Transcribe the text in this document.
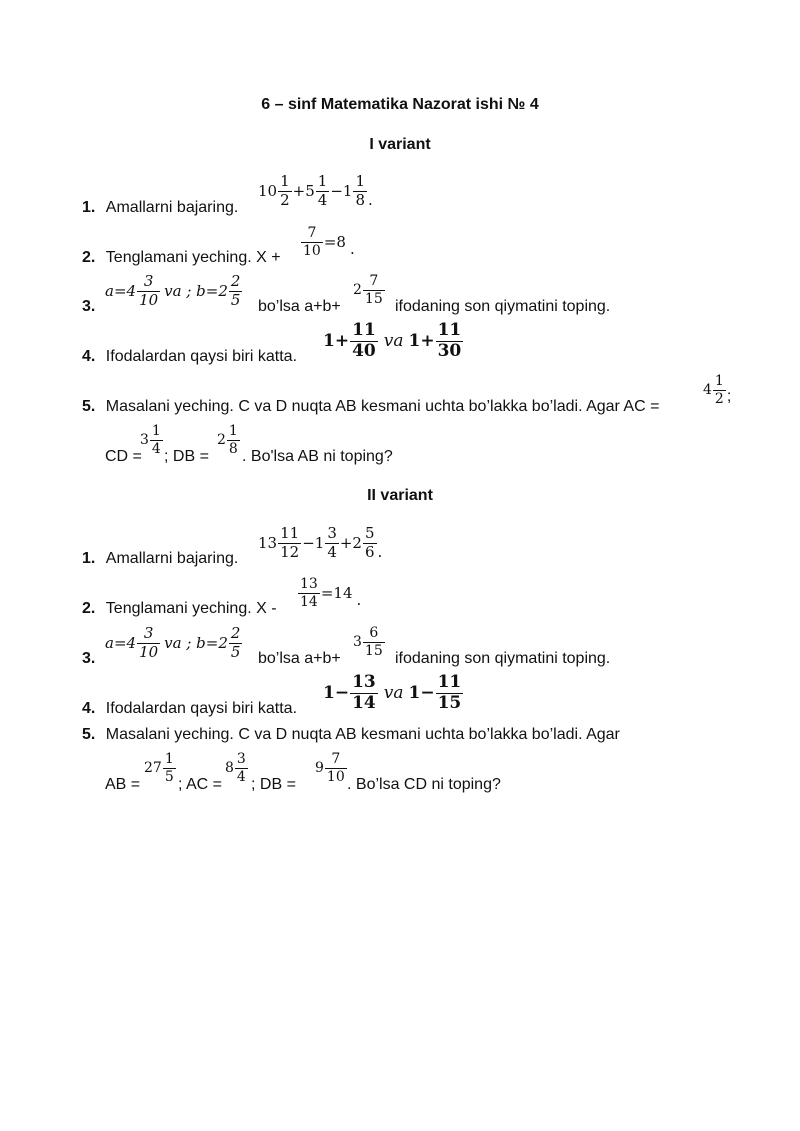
6 – sinf Matematika Nazorat ishi № 4
I variant
1. Amallarni bajaring.
$10 \frac{1}{2} +5 \frac{1}{4} -1 \frac{1}{8}$ .
2. Tenglamani yeching. $X + \frac{7}{10} =8$ .
3.
$a=4 \frac{3}{10}$ va ; $b=2 \frac{2}{5}$ bo’lsa a+b+
$2 \frac{7}{15}$
ifodaning son qiymatini toping.
4. Ifodalardan qaysi biri katta.
$1+ \frac{11}{40}$ va $1+ \frac{11}{30}$
5. Masalani yeching. C va D nuqta AB kesmani uchta bo’lakka bo’ladi. Agar AC =
$4 \frac{1}{2}$ ;
CD =
$3 \frac{1}{4}$
; DB =
$2 \frac{1}{8}$
. Bo'lsa AB ni toping?
II variant
1. Amallarni bajaring.
$13 \frac{11}{12} -1 \frac{3}{4} +2 \frac{5}{6}$ .
2. Tenglamani yeching. $X - \frac{13}{14} =14$ .
3.
$a=4 \frac{3}{10}$ va ; $b=2 \frac{2}{5}$ bo’lsa a+b+
$3 \frac{6}{15}$
ifodaning son qiymatini toping.
4. Ifodalardan qaysi biri katta.
$1- \frac{13}{14}$ va $1- \frac{11}{15}$
5. Masalani yeching. C va D nuqta AB kesmani uchta bo’lakka bo’ladi. Agar
AB =
$27 \frac{1}{5}$
; AC =
$8 \frac{3}{4}$
; DB =
$9 \frac{7}{10}$
. Bo’lsa CD ni toping?
